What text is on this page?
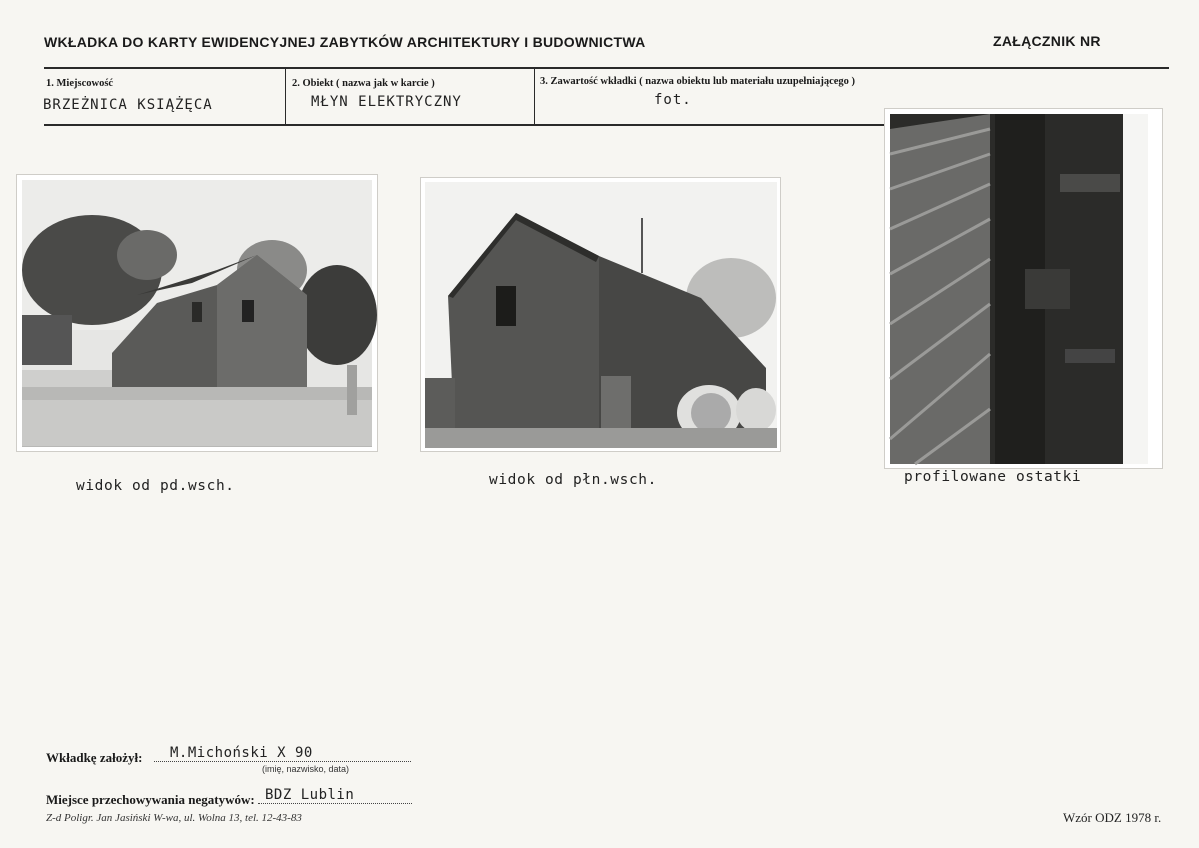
WKŁADKA DO KARTY EWIDENCYJNEJ ZABYTKÓW ARCHITEKTURY I BUDOWNICTWA	ZAŁĄCZNIK NR
1. Miejscowość
BRZEŻNICA KSIĄŻĘCA
2. Obiekt ( nazwa jak w karcie )
MŁYN ELEKTRYCZNY
3. Zawartość wkładki ( nazwa obiektu lub materiału uzupełniającego )
fot.
widok od pd.wsch.	widok od płn.wsch.	profilowane ostatki
Wkładkę założył: M.Michoński X 90
(imię, nazwisko, data)
Miejsce przechowywania negatywów: BDZ Lublin
Z-d Poligr. Jan Jasiński W-wa, ul. Wolna 13, tel. 12-43-83	Wzór ODZ 1978 r.
